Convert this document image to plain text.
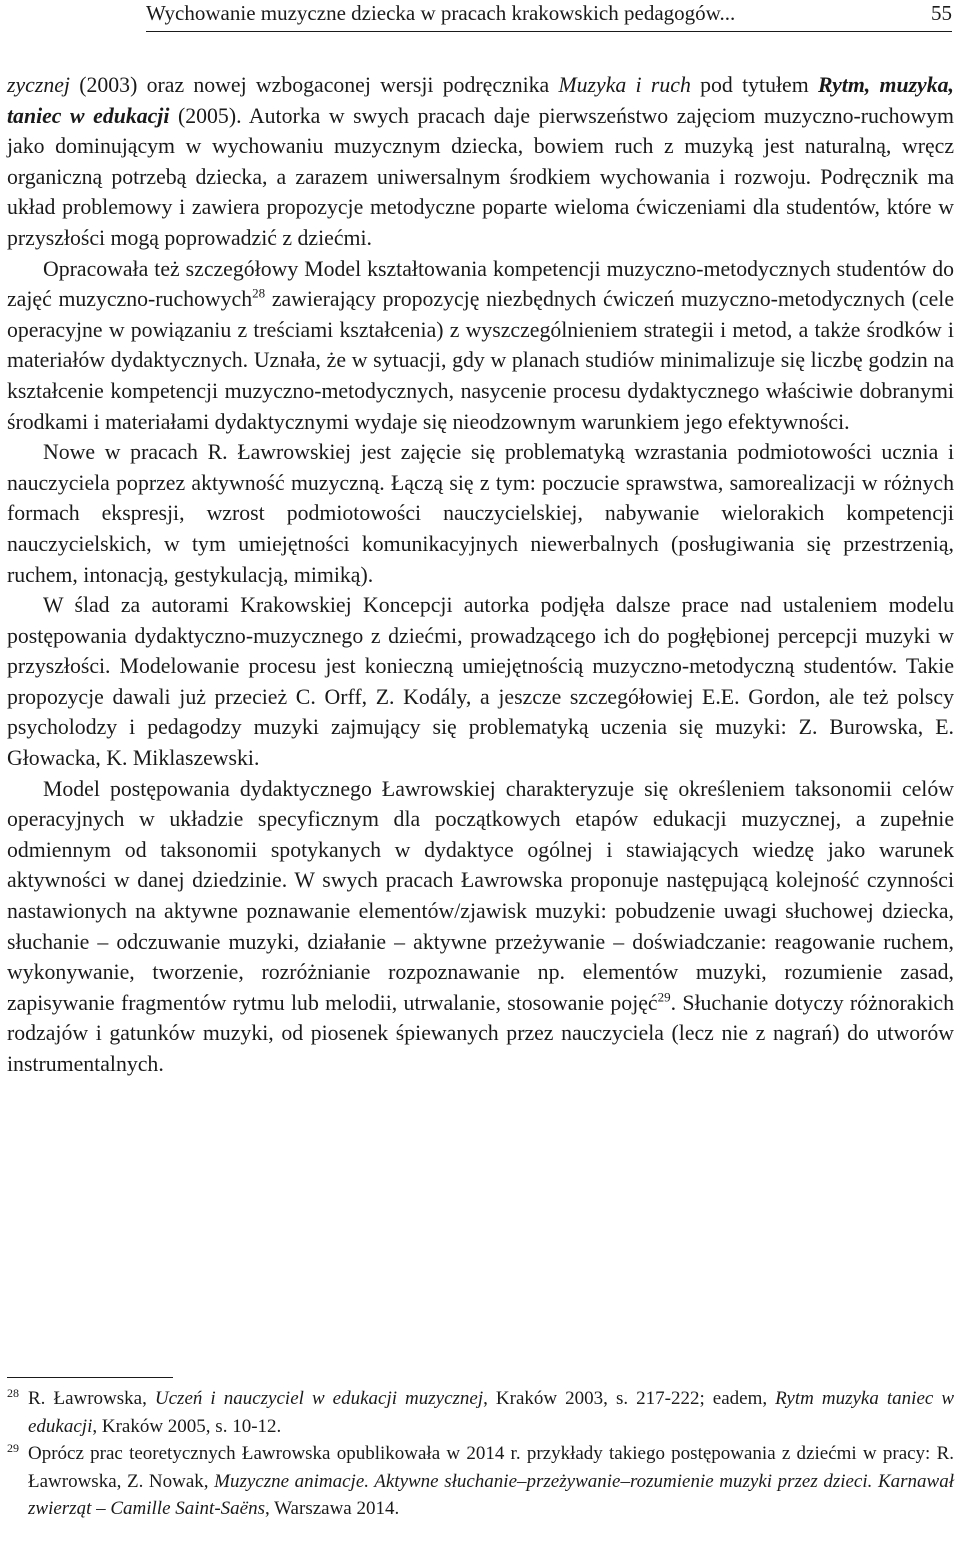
Wychowanie muzyczne dziecka w pracach krakowskich pedagogów...	55

zycznej (2003) oraz nowej wzbogaconej wersji podręcznika Muzyka i ruch pod tytułem Rytm, muzyka, taniec w edukacji (2005). Autorka w swych pracach daje pierwszeństwo zajęciom muzyczno-ruchowym jako dominującym w wychowaniu muzycznym dziecka, bowiem ruch z muzyką jest naturalną, wręcz organiczną potrzebą dziecka, a zarazem uniwersalnym środkiem wychowania i rozwoju. Podręcznik ma układ problemowy i zawiera propozycje metodyczne poparte wieloma ćwiczeniami dla studentów, które w przyszłości mogą poprowadzić z dziećmi.

Opracowała też szczegółowy Model kształtowania kompetencji muzyczno-metodycznych studentów do zajęć muzyczno-ruchowych$^{28}$ zawierający propozycję niezbędnych ćwiczeń muzyczno-metodycznych (cele operacyjne w powiązaniu z treściami kształcenia) z wyszczególnieniem strategii i metod, a także środków i materiałów dydaktycznych. Uznała, że w sytuacji, gdy w planach studiów minimalizuje się liczbę godzin na kształcenie kompetencji muzyczno-metodycznych, nasycenie procesu dydaktycznego właściwie dobranymi środkami i materiałami dydaktycznymi wydaje się nieodzownym warunkiem jego efektywności.

Nowe w pracach R. Ławrowskiej jest zajęcie się problematyką wzrastania podmiotowości ucznia i nauczyciela poprzez aktywność muzyczną. Łączą się z tym: poczucie sprawstwa, samorealizacji w różnych formach ekspresji, wzrost podmiotowości nauczycielskiej, nabywanie wielorakich kompetencji nauczycielskich, w tym umiejętności komunikacyjnych niewerbalnych (posługiwania się przestrzenią, ruchem, intonacją, gestykulacją, mimiką).

W ślad za autorami Krakowskiej Koncepcji autorka podjęła dalsze prace nad ustaleniem modelu postępowania dydaktyczno-muzycznego z dziećmi, prowadzącego ich do pogłębionej percepcji muzyki w przyszłości. Modelowanie procesu jest konieczną umiejętnością muzyczno-metodyczną studentów. Takie propozycje dawali już przecież C. Orff, Z. Kodály, a jeszcze szczegółowiej E.E. Gordon, ale też polscy psycholodzy i pedagodzy muzyki zajmujący się problematyką uczenia się muzyki: Z. Burowska, E. Głowacka, K. Miklaszewski.

Model postępowania dydaktycznego Ławrowskiej charakteryzuje się określeniem taksonomii celów operacyjnych w układzie specyficznym dla początkowych etapów edukacji muzycznej, a zupełnie odmiennym od taksonomii spotykanych w dydaktyce ogólnej i stawiających wiedzę jako warunek aktywności w danej dziedzinie. W swych pracach Ławrowska proponuje następującą kolejność czynności nastawionych na aktywne poznawanie elementów/zjawisk muzyki: pobudzenie uwagi słuchowej dziecka, słuchanie – odczuwanie muzyki, działanie – aktywne przeżywanie – doświadczanie: reagowanie ruchem, wykonywanie, tworzenie, rozróżnianie rozpoznawanie np. elementów muzyki, rozumienie zasad, zapisywanie fragmentów rytmu lub melodii, utrwalanie, stosowanie pojęć$^{29}$. Słuchanie dotyczy różnorakich rodzajów i gatunków muzyki, od piosenek śpiewanych przez nauczyciela (lecz nie z nagrań) do utworów instrumentalnych.

28 R. Ławrowska, Uczeń i nauczyciel w edukacji muzycznej, Kraków 2003, s. 217-222; eadem, Rytm muzyka taniec w edukacji, Kraków 2005, s. 10-12.

29 Oprócz prac teoretycznych Ławrowska opublikowała w 2014 r. przykłady takiego postępowania z dziećmi w pracy: R. Ławrowska, Z. Nowak, Muzyczne animacje. Aktywne słuchanie–przeżywanie–rozumienie muzyki przez dzieci. Karnawał zwierząt – Camille Saint-Saëns, Warszawa 2014.
